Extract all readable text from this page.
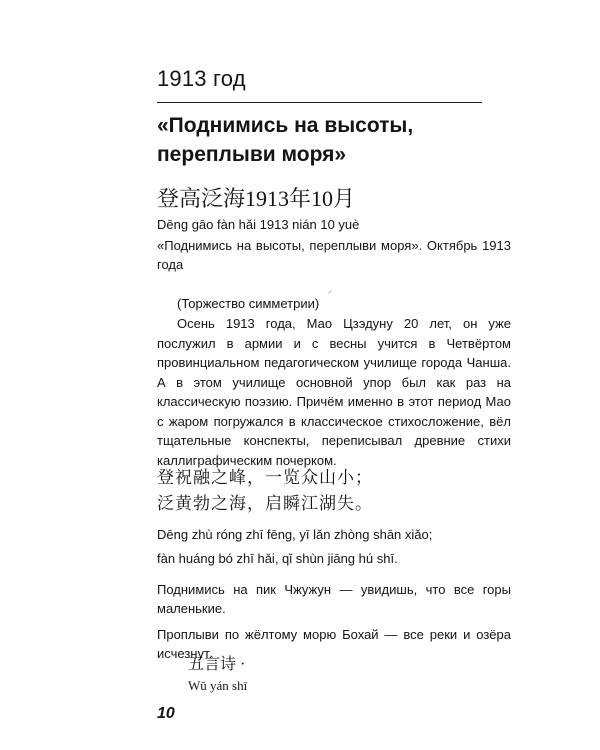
1913 год
«Поднимись на высоты,
переплыви моря»
登高泛海1913年10月
Dēng gāo fàn hǎi 1913 nián 10 yuè
«Поднимись на высоты, переплыви моря». Октябрь 1913 года
⸝
(Торжество симметрии)

Осень 1913 года, Мао Цзэдуну 20 лет, он уже послужил в армии и с весны учится в Четвёртом провинциальном педагогическом училище города Чанша. А в этом училище основной упор был как раз на классическую поэзию. Причём именно в этот период Мао с жаром погружался в классическое стихосложение, вёл тщательные конспекты, переписывал древние стихи каллиграфическим почерком.

登祝融之峰，一览众山小；
泛黄勃之海，启瞬江湖失。
Dēng zhù róng zhī fēng, yī lǎn zhòng shān xiǎo;
fàn huáng bó zhī hǎi, qǐ shùn jiāng hú shī.

Поднимись на пик Чжужун — увидишь, что все горы маленькие.

Проплыви по жёлтому морю Бохай — все реки и озёра исчезнут.

五言诗 ·
Wǔ yán shī
10
